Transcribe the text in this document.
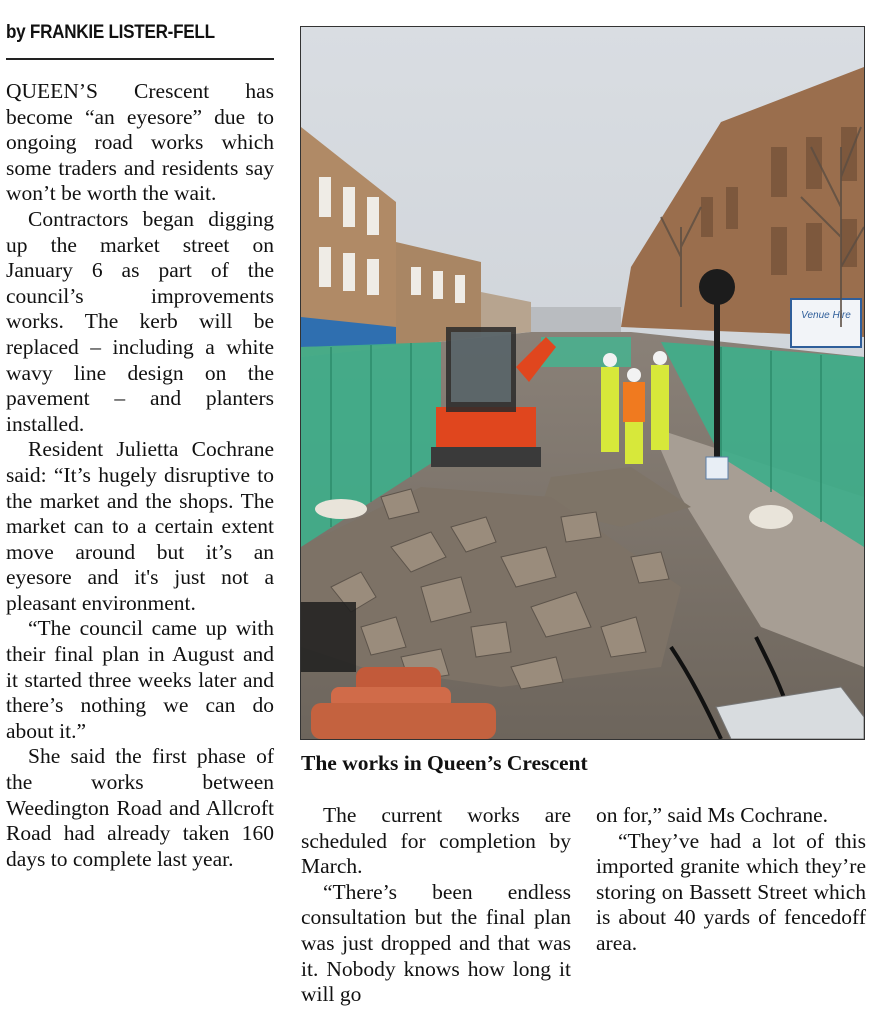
by FRANKIE LISTER-FELL

QUEEN’S Crescent has become “an eyesore” due to ongoing road works which some traders and residents say won’t be worth the wait.

Contractors began digging up the market street on January 6 as part of the council’s improvements works. The kerb will be replaced – including a white wavy line design on the pavement – and planters installed.

Resident Julietta Cochrane said: “It’s hugely disruptive to the market and the shops. The market can to a certain extent move around but it’s an eyesore and it's just not a pleasant environment.

“The council came up with their final plan in August and it started three weeks later and there’s nothing we can do about it.”

She said the first phase of the works between Weedington Road and Allcroft Road had already taken 160 days to complete last year.

Venue Hire
The works in Queen’s Crescent

The current works are scheduled for completion by March.

“There’s been endless consultation but the final plan was just dropped and that was it. Nobody knows how long it will go

on for,” said Ms Cochrane.

“They’ve had a lot of this imported granite which they’re storing on Bassett Street which is about 40 yards of fencedoff area.
